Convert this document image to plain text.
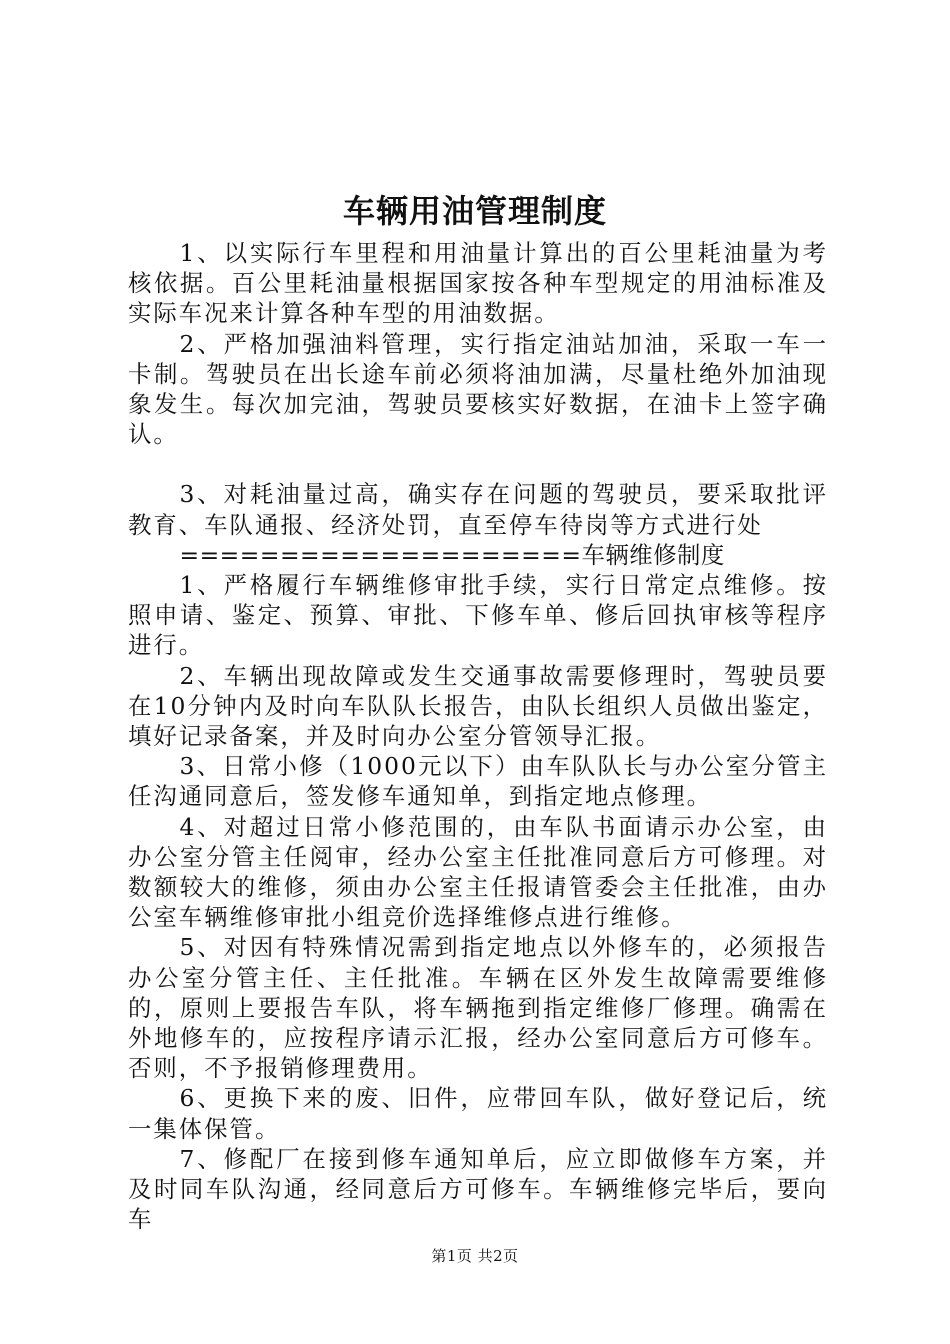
车辆用油管理制度

1、以实际行车里程和用油量计算出的百公里耗油量为考核依据。百公里耗油量根据国家按各种车型规定的用油标准及实际车况来计算各种车型的用油数据。

2、严格加强油料管理，实行指定油站加油，采取一车一卡制。驾驶员在出长途车前必须将油加满，尽量杜绝外加油现象发生。每次加完油，驾驶员要核实好数据，在油卡上签字确认。

3、对耗油量过高，确实存在问题的驾驶员，要采取批评教育、车队通报、经济处罚，直至停车待岗等方式进行处

====================车辆维修制度

1、严格履行车辆维修审批手续，实行日常定点维修。按照申请、鉴定、预算、审批、下修车单、修后回执审核等程序进行。

2、车辆出现故障或发生交通事故需要修理时，驾驶员要在10分钟内及时向车队队长报告，由队长组织人员做出鉴定，填好记录备案，并及时向办公室分管领导汇报。

3、日常小修（1000元以下）由车队队长与办公室分管主任沟通同意后，签发修车通知单，到指定地点修理。

4、对超过日常小修范围的，由车队书面请示办公室，由办公室分管主任阅审，经办公室主任批准同意后方可修理。对数额较大的维修，须由办公室主任报请管委会主任批准，由办公室车辆维修审批小组竞价选择维修点进行维修。

5、对因有特殊情况需到指定地点以外修车的，必须报告办公室分管主任、主任批准。车辆在区外发生故障需要维修的，原则上要报告车队，将车辆拖到指定维修厂修理。确需在外地修车的，应按程序请示汇报，经办公室同意后方可修车。否则，不予报销修理费用。

6、更换下来的废、旧件，应带回车队，做好登记后，统一集体保管。

7、修配厂在接到修车通知单后，应立即做修车方案，并及时同车队沟通，经同意后方可修车。车辆维修完毕后，要向车

第1页 共2页
